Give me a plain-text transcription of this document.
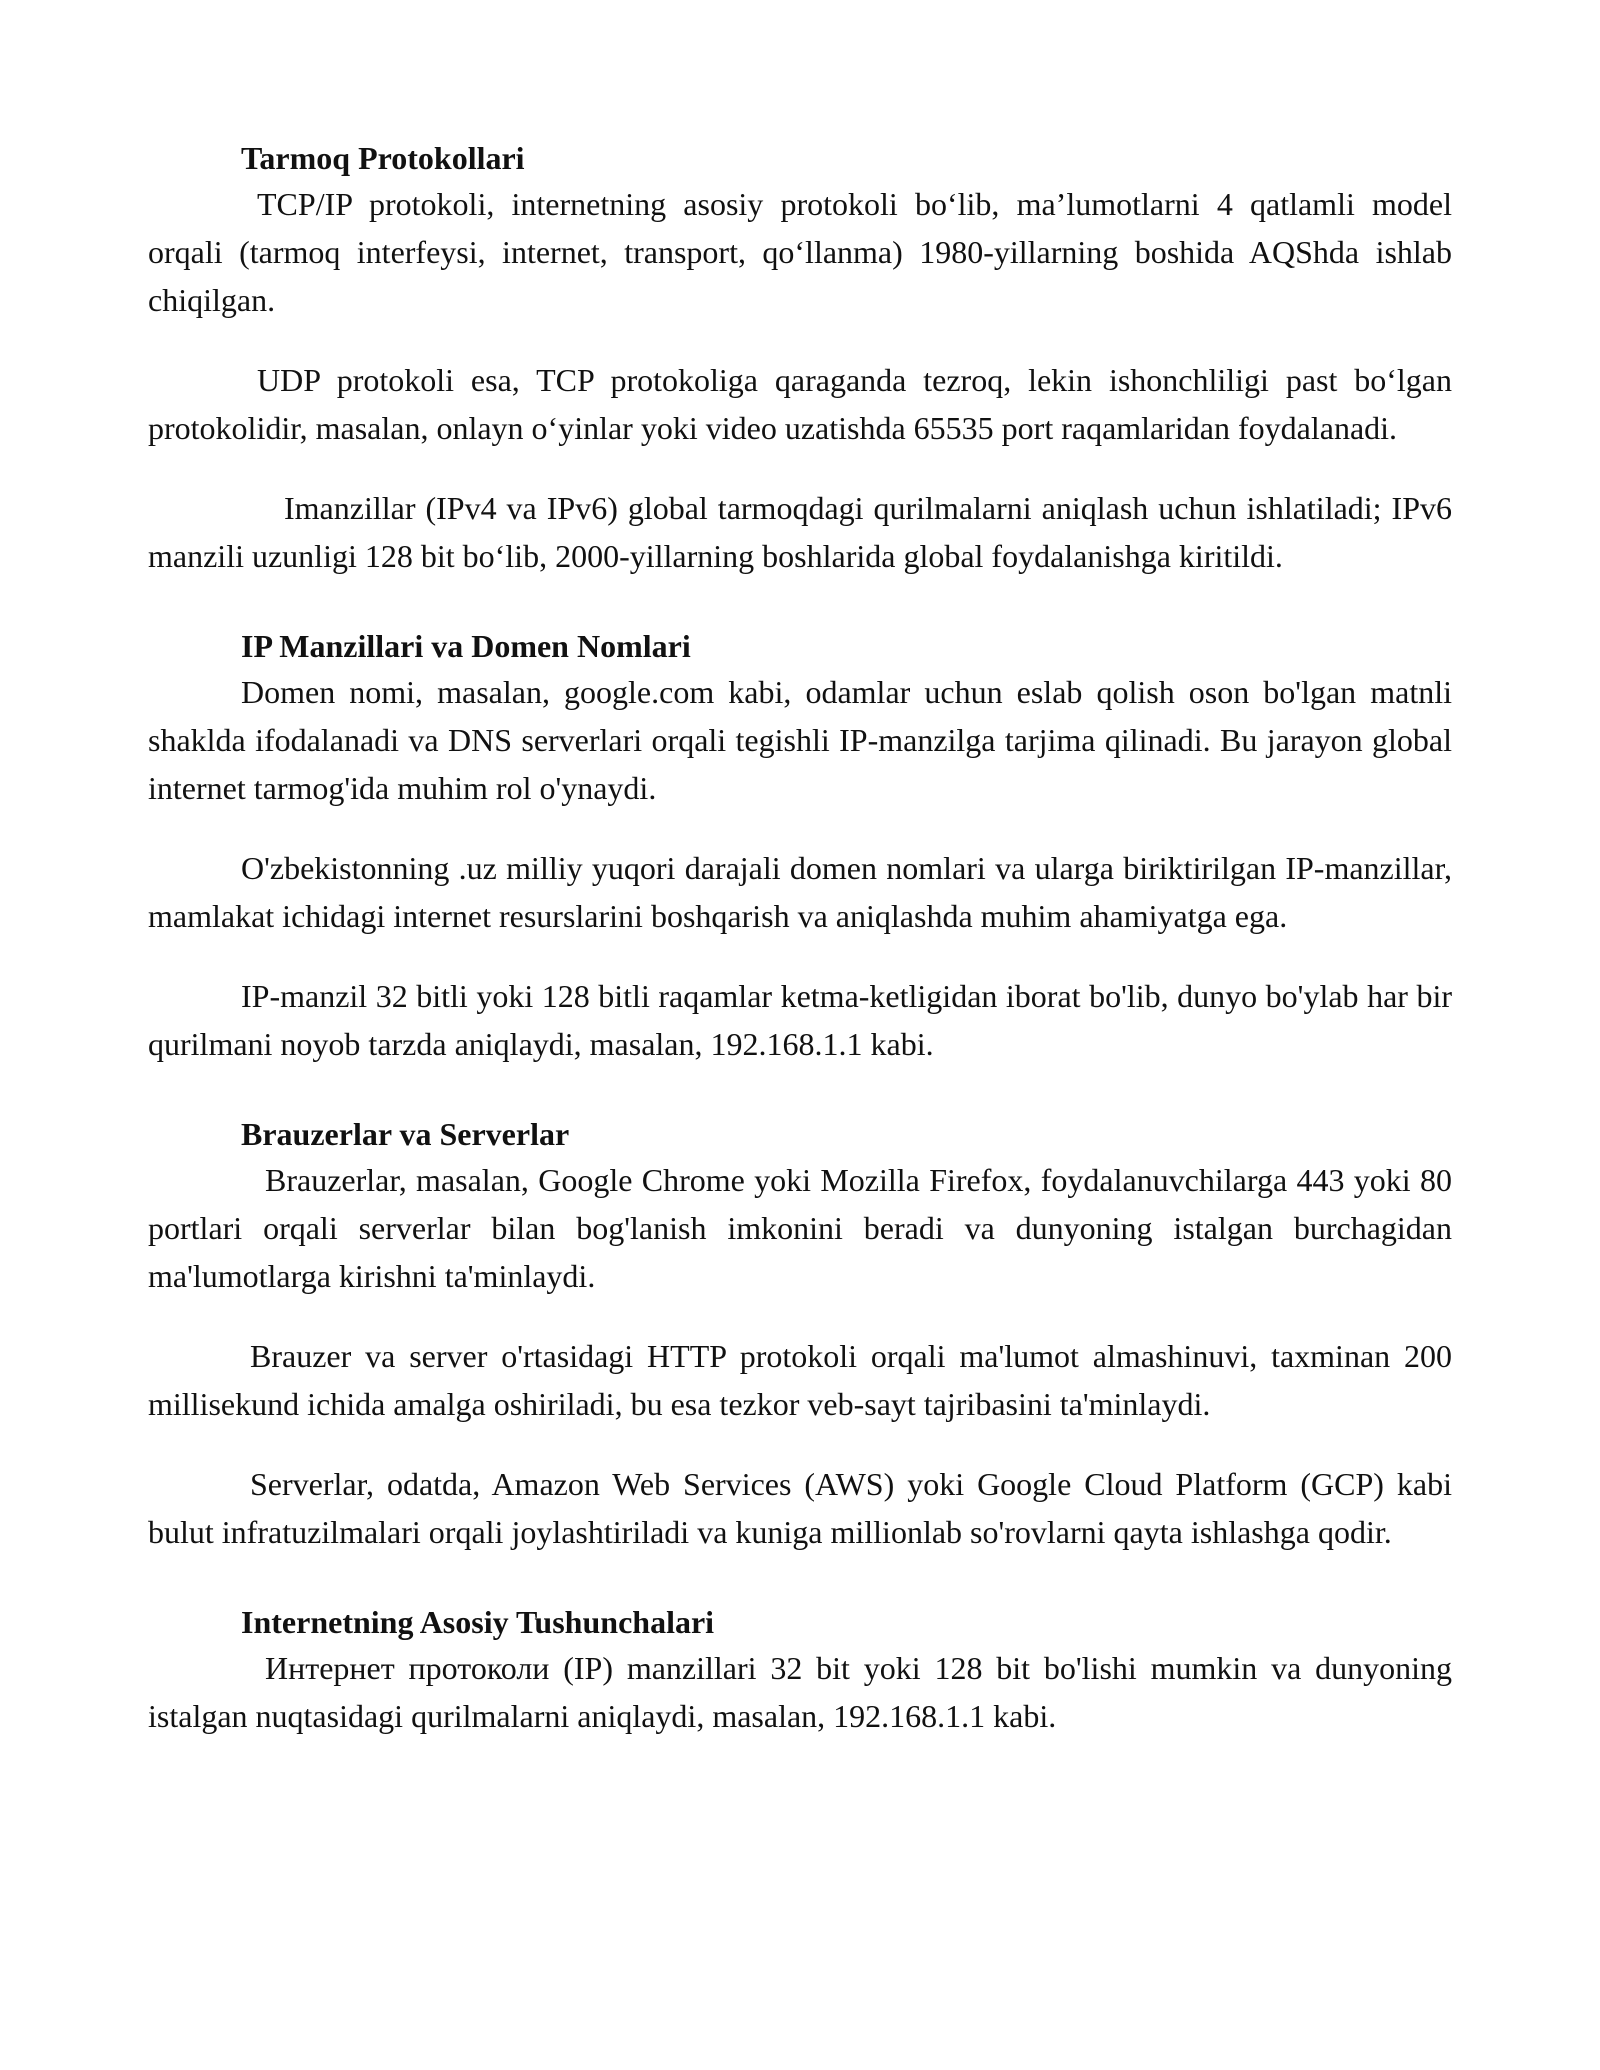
Tarmoq Protokollari

TCP/IP protokoli, internetning asosiy protokoli bo‘lib, ma’lumotlarni 4 qatlamli model orqali (tarmoq interfeysi, internet, transport, qo‘llanma) 1980-yillarning boshida AQShda ishlab chiqilgan.

UDP protokoli esa, TCP protokoliga qaraganda tezroq, lekin ishonchliligi past bo‘lgan protokolidir, masalan, onlayn o‘yinlar yoki video uzatishda 65535 port raqamlaridan foydalanadi.

Imanzillar (IPv4 va IPv6) global tarmoqdagi qurilmalarni aniqlash uchun ishlatiladi; IPv6 manzili uzunligi 128 bit bo‘lib, 2000-yillarning boshlarida global foydalanishga kiritildi.

IP Manzillari va Domen Nomlari

Domen nomi, masalan, google.com kabi, odamlar uchun eslab qolish oson bo'lgan matnli shaklda ifodalanadi va DNS serverlari orqali tegishli IP-manzilga tarjima qilinadi. Bu jarayon global internet tarmog'ida muhim rol o'ynaydi.

O'zbekistonning .uz milliy yuqori darajali domen nomlari va ularga biriktirilgan IP-manzillar, mamlakat ichidagi internet resurslarini boshqarish va aniqlashda muhim ahamiyatga ega.

IP-manzil 32 bitli yoki 128 bitli raqamlar ketma-ketligidan iborat bo'lib, dunyo bo'ylab har bir qurilmani noyob tarzda aniqlaydi, masalan, 192.168.1.1 kabi.

Brauzerlar va Serverlar

Brauzerlar, masalan, Google Chrome yoki Mozilla Firefox, foydalanuvchilarga 443 yoki 80 portlari orqali serverlar bilan bog'lanish imkonini beradi va dunyoning istalgan burchagidan ma'lumotlarga kirishni ta'minlaydi.

Brauzer va server o'rtasidagi HTTP protokoli orqali ma'lumot almashinuvi, taxminan 200 millisekund ichida amalga oshiriladi, bu esa tezkor veb-sayt tajribasini ta'minlaydi.

Serverlar, odatda, Amazon Web Services (AWS) yoki Google Cloud Platform (GCP) kabi bulut infratuzilmalari orqali joylashtiriladi va kuniga millionlab so'rovlarni qayta ishlashga qodir.

Internetning Asosiy Tushunchalari

Интернет протоколи (IP) manzillari 32 bit yoki 128 bit bo'lishi mumkin va dunyoning istalgan nuqtasidagi qurilmalarni aniqlaydi, masalan, 192.168.1.1 kabi.
